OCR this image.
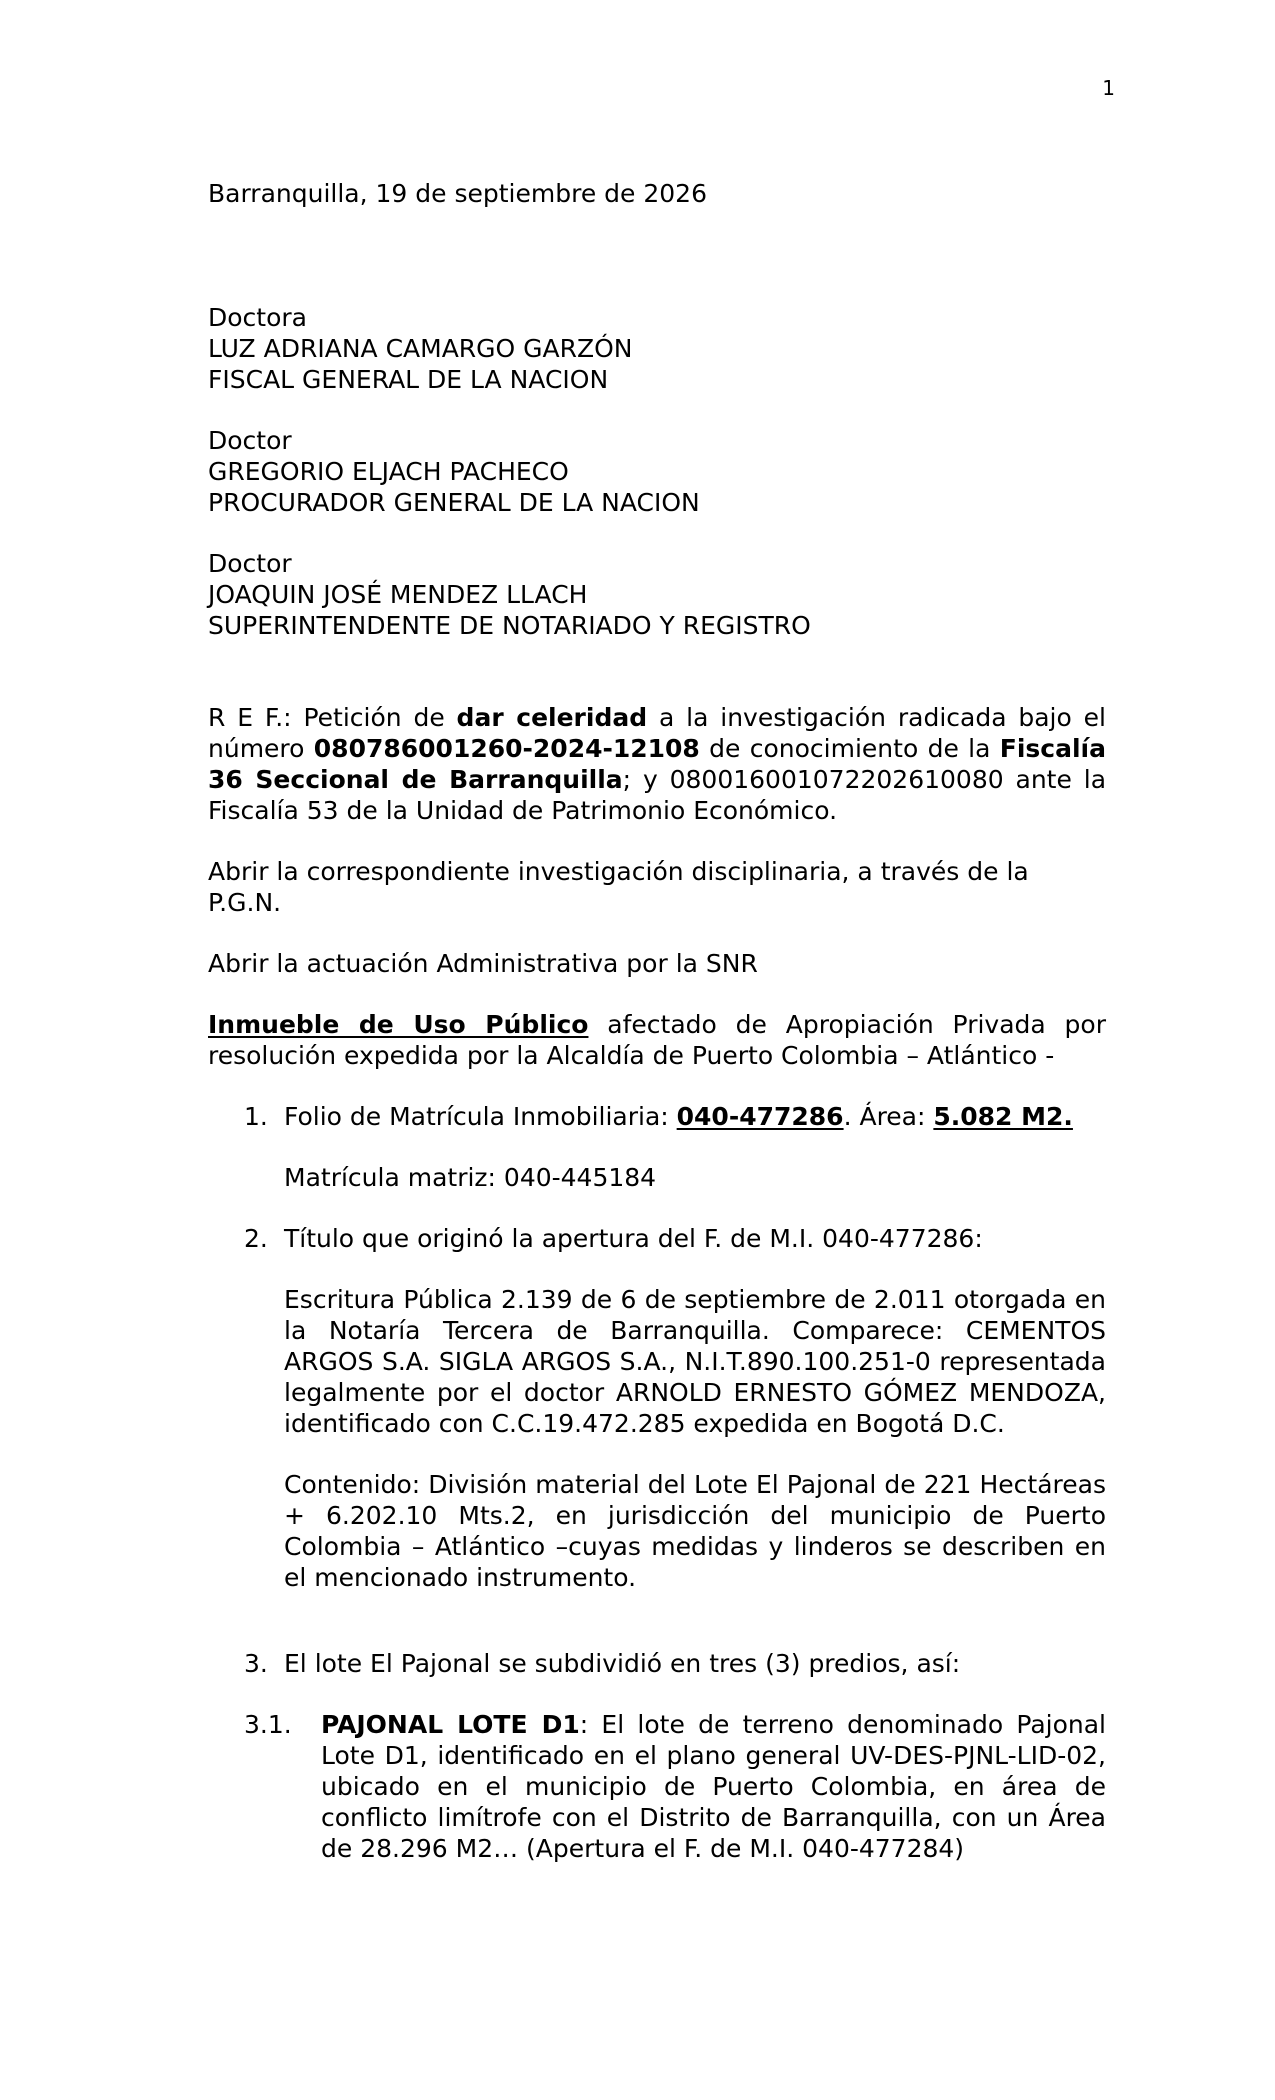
1

Barranquilla, 19 de septiembre de 2026

Doctora

LUZ ADRIANA CAMARGO GARZÓN

FISCAL GENERAL DE LA NACION

Doctor

GREGORIO ELJACH PACHECO

PROCURADOR GENERAL DE LA NACION

Doctor

JOAQUIN JOSÉ MENDEZ LLACH

SUPERINTENDENTE DE NOTARIADO Y REGISTRO

R E F.: Petición de dar celeridad a la investigación radicada bajo el número 080786001260-2024-12108 de conocimiento de la Fiscalía 36 Seccional de Barranquilla; y 080016001072202610080 ante la Fiscalía 53 de la Unidad de Patrimonio Económico.

Abrir la correspondiente investigación disciplinaria, a través de la P.G.N.

Abrir la actuación Administrativa por la SNR

Inmueble de Uso Público afectado de Apropiación Privada por resolución expedida por la Alcaldía de Puerto Colombia – Atlántico -

1. Folio de Matrícula Inmobiliaria: 040-477286. Área: 5.082 M2.

Matrícula matriz: 040-445184

2. Título que originó la apertura del F. de M.I. 040-477286:

Escritura Pública 2.139 de 6 de septiembre de 2.011 otorgada en la Notaría Tercera de Barranquilla. Comparece: CEMENTOS ARGOS S.A. SIGLA ARGOS S.A., N.I.T.890.100.251-0 representada legalmente por el doctor ARNOLD ERNESTO GÓMEZ MENDOZA, identificado con C.C.19.472.285 expedida en Bogotá D.C.

Contenido: División material del Lote El Pajonal de 221 Hectáreas + 6.202.10 Mts.2, en jurisdicción del municipio de Puerto Colombia – Atlántico –cuyas medidas y linderos se describen en el mencionado instrumento.

3. El lote El Pajonal se subdividió en tres (3) predios, así:

3.1. PAJONAL LOTE D1: El lote de terreno denominado Pajonal Lote D1, identificado en el plano general UV-DES-PJNL-LID-02, ubicado en el municipio de Puerto Colombia, en área de conflicto limítrofe con el Distrito de Barranquilla, con un Área de 28.296 M2… (Apertura el F. de M.I. 040-477284)
